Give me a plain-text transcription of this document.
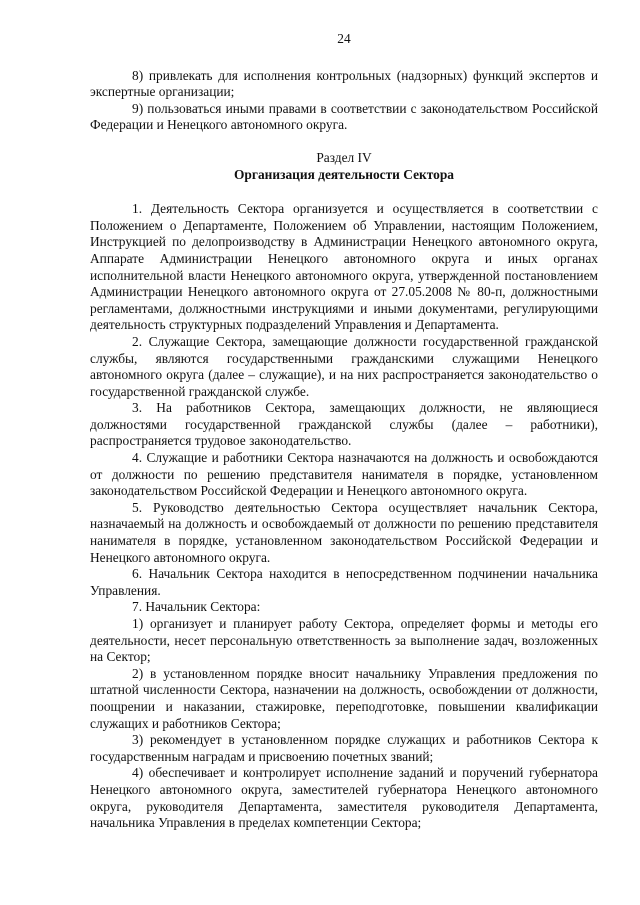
24

8) привлекать для исполнения контрольных (надзорных) функций экспертов и экспертные организации;

9) пользоваться иными правами в соответствии с законодательством Российской Федерации и Ненецкого автономного округа.

Раздел IV

Организация деятельности Сектора

1. Деятельность Сектора организуется и осуществляется в соответствии с Положением о Департаменте, Положением об Управлении, настоящим Положением, Инструкцией по делопроизводству в Администрации Ненецкого автономного округа, Аппарате Администрации Ненецкого автономного округа и иных органах исполнительной власти Ненецкого автономного округа, утвержденной постановлением Администрации Ненецкого автономного округа от 27.05.2008 № 80-п, должностными регламентами, должностными инструкциями и иными документами, регулирующими деятельность структурных подразделений Управления и Департамента.

2. Служащие Сектора, замещающие должности государственной гражданской службы, являются государственными гражданскими служащими Ненецкого автономного округа (далее – служащие), и на них распространяется законодательство о государственной гражданской службе.

3. На работников Сектора, замещающих должности, не являющиеся должностями государственной гражданской службы (далее – работники), распространяется трудовое законодательство.

4. Служащие и работники Сектора назначаются на должность и освобождаются от должности по решению представителя нанимателя в порядке, установленном законодательством Российской Федерации и Ненецкого автономного округа.

5. Руководство деятельностью Сектора осуществляет начальник Сектора, назначаемый на должность и освобождаемый от должности по решению представителя нанимателя в порядке, установленном законодательством Российской Федерации и Ненецкого автономного округа.

6. Начальник Сектора находится в непосредственном подчинении начальника Управления.

7. Начальник Сектора:

1) организует и планирует работу Сектора, определяет формы и методы его деятельности, несет персональную ответственность за выполнение задач, возложенных на Сектор;

2) в установленном порядке вносит начальнику Управления предложения по штатной численности Сектора, назначении на должность, освобождении от должности, поощрении и наказании, стажировке, переподготовке, повышении квалификации служащих и работников Сектора;

3) рекомендует в установленном порядке служащих и работников Сектора к государственным наградам и присвоению почетных званий;

4) обеспечивает и контролирует исполнение заданий и поручений губернатора Ненецкого автономного округа, заместителей губернатора Ненецкого автономного округа, руководителя Департамента, заместителя руководителя Департамента, начальника Управления в пределах компетенции Сектора;
